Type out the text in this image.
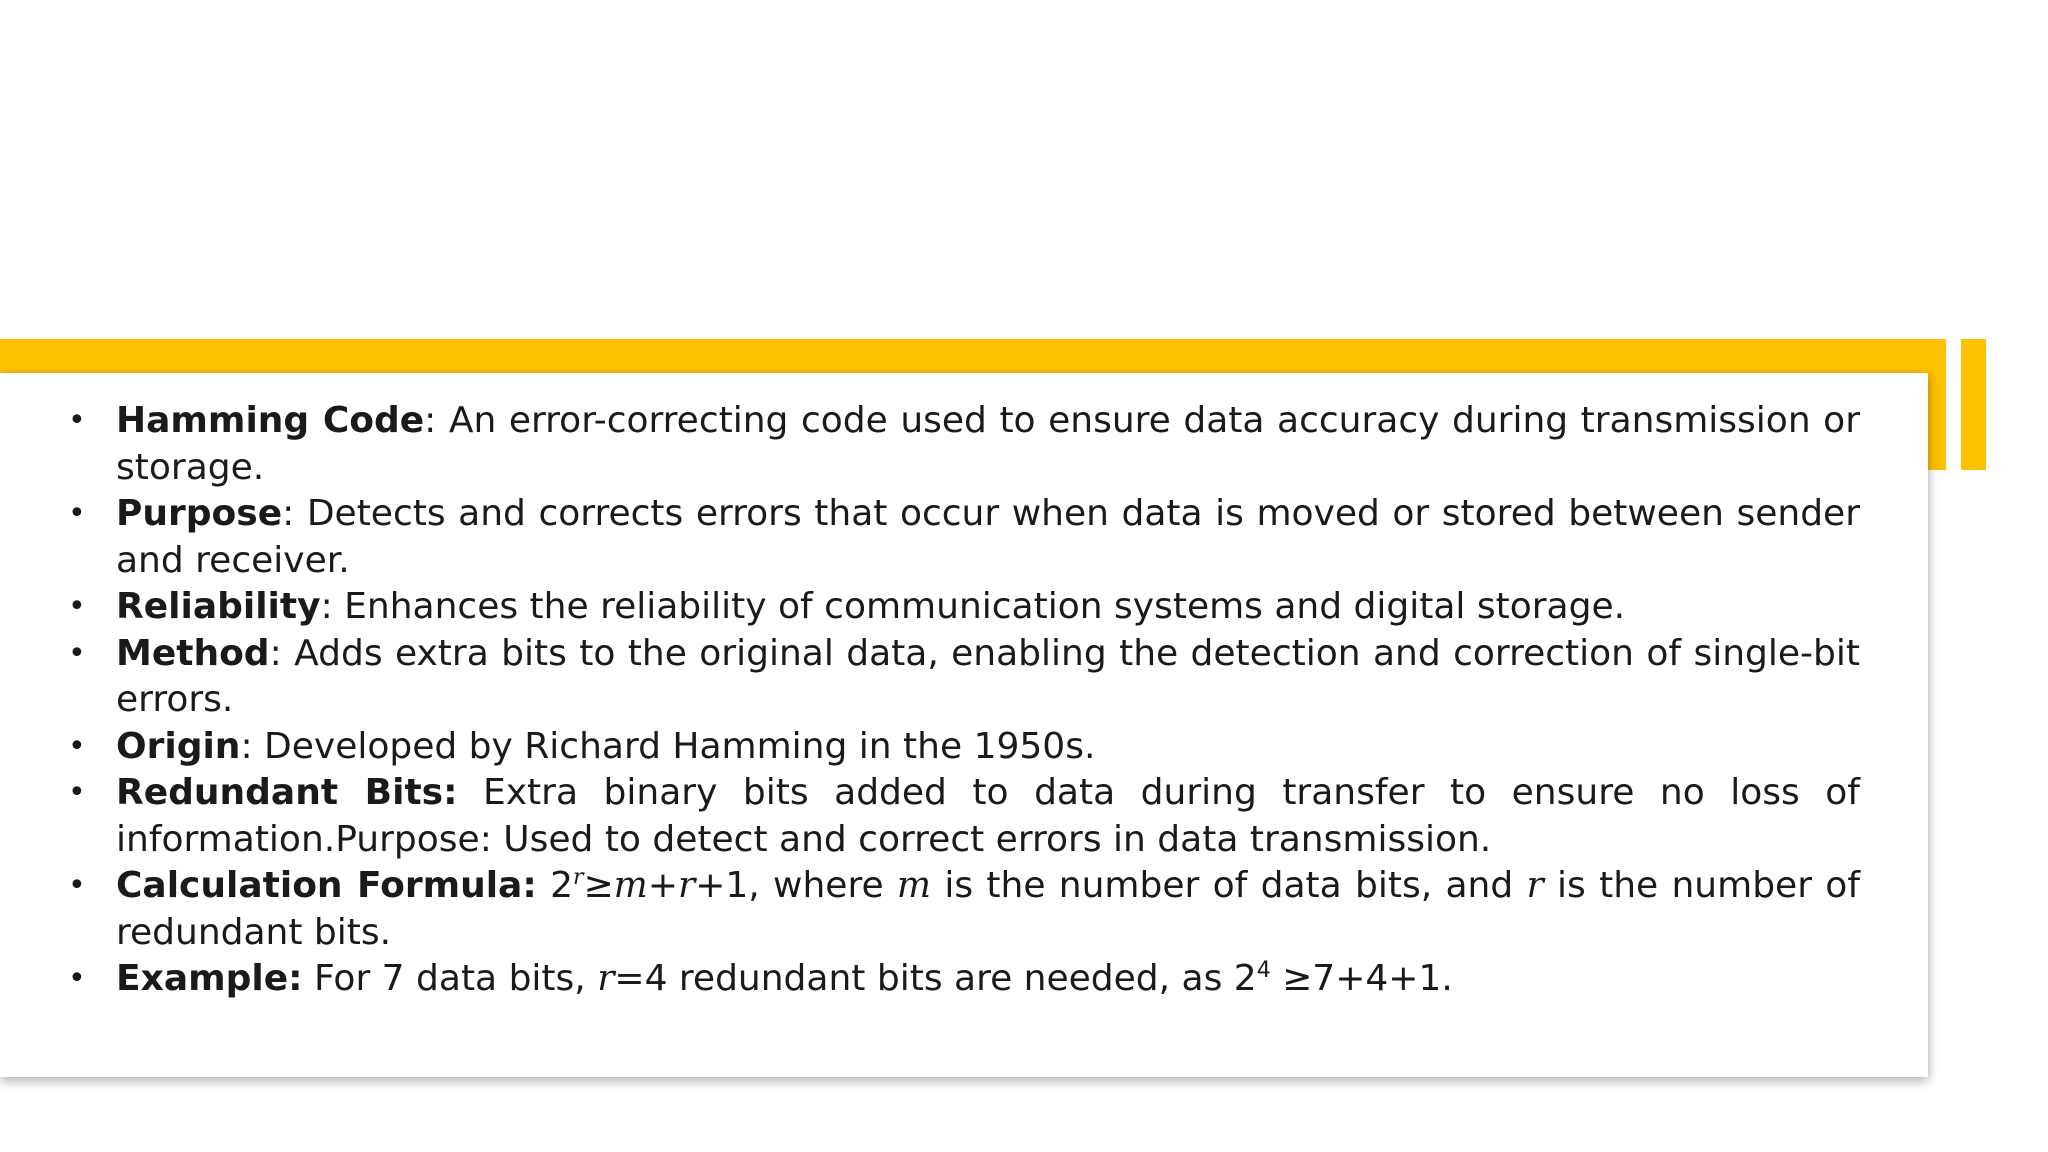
• Hamming Code: An error-correcting code used to ensure data accuracy during transmission or storage.
• Purpose: Detects and corrects errors that occur when data is moved or stored between sender and receiver.
• Reliability: Enhances the reliability of communication systems and digital storage.
• Method: Adds extra bits to the original data, enabling the detection and correction of single-bit errors.
• Origin: Developed by Richard Hamming in the 1950s.
• Redundant Bits: Extra binary bits added to data during transfer to ensure no loss of information.Purpose: Used to detect and correct errors in data transmission.
• Calculation Formula: $2^r\ge m+r+1$, where m is the number of data bits, and r is the number of redundant bits.
• Example: For 7 data bits, r=4 redundant bits are needed, as $2^4 \ge 7+4+1$.
